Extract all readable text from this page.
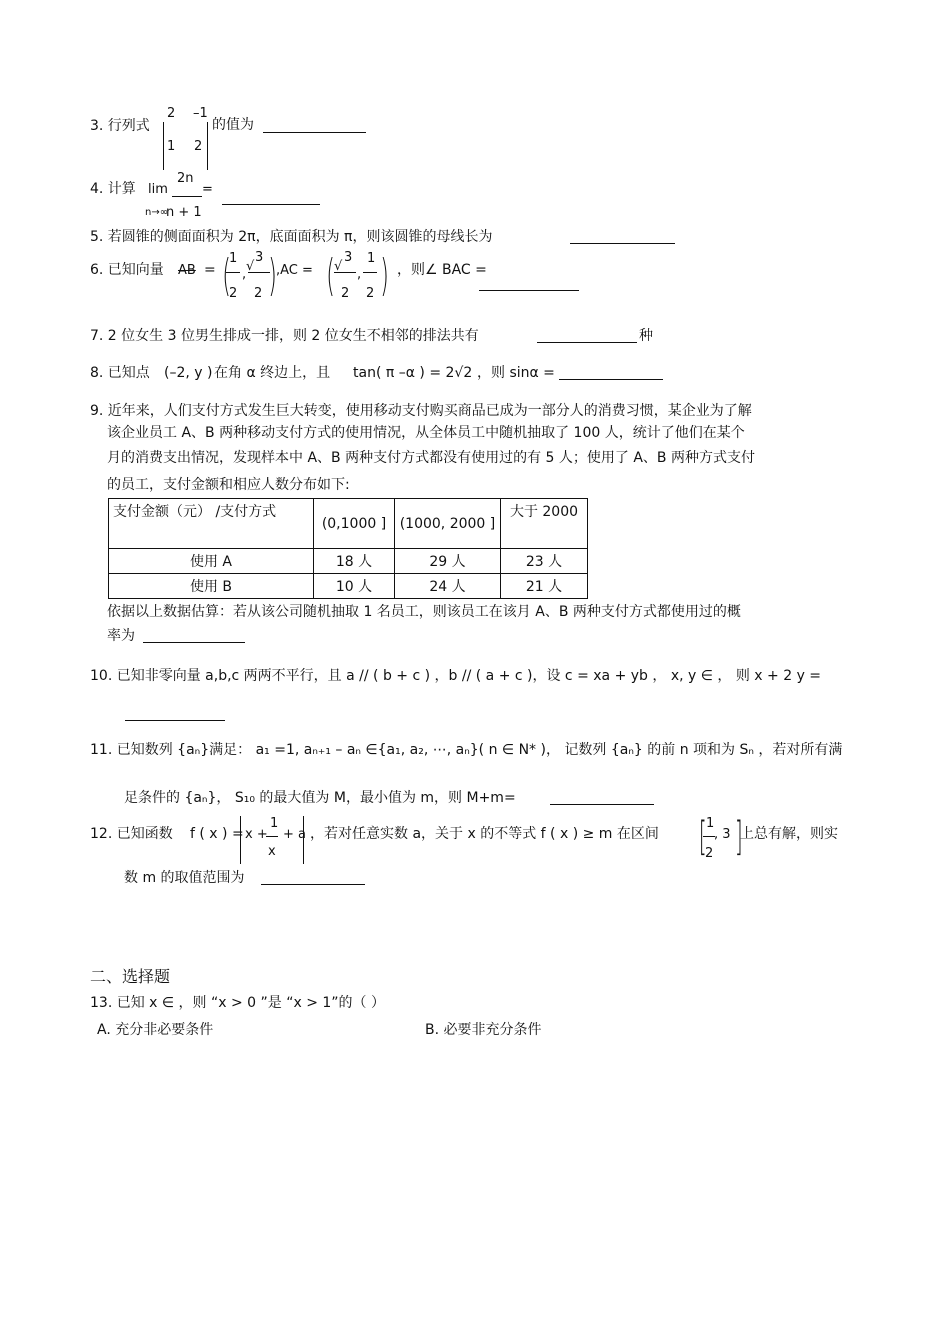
3. 行列式
2 –1
1 2
的值为
4. 计算 lim
2n
=
n→∞
n + 1
5. 若圆锥的侧面面积为 2π，底面面积为 π，则该圆锥的母线长为
6. 已知向量 AB = (
1
2
,
√
3
2 ) ,AC = ( √
3
2
,
1
2 ) ，则∠ BAC =
7. 2 位女生 3 位男生排成一排，则 2 位女生不相邻的排法共有	种
8. 已知点 (–2, y ) 在角 α 终边上，且 tan( π –α ) = 2√2 ，则 sinα =
9. 近年来，人们支付方式发生巨大转变，使用移动支付购买商品已成为一部分人的消费习惯，某企业为了解
该企业员工 A、B 两种移动支付方式的使用情况，从全体员工中随机抽取了 100 人，统计了他们在某个
月的消费支出情况，发现样本中 A、B 两种支付方式都没有使用过的有 5 人；使用了 A、B 两种方式支付
的员工，支付金额和相应人数分布如下:
支付金额（元） /支付方式	(0,1000 ]	(1000, 2000 ]	大于 2000
使用 A	18 人	29 人	23 人
使用 B	10 人	24 人	21 人
依据以上数据估算：若从该公司随机抽取 1 名员工，则该员工在该月 A、B 两种支付方式都使用过的概
率为
10. 已知非零向量 a,b,c 两两不平行，且 a // ( b + c ) ，b // ( a + c )，设 c = xa + yb ， x, y ∈ ， 则 x + 2 y =
11. 已知数列 {aₙ}满足： a₁ =1, aₙ₊₁ – aₙ ∈{a₁, a₂, ⋯, aₙ}( n ∈ N* )， 记数列 {aₙ} 的前 n 项和为 Sₙ ，若对所有满
足条件的 {aₙ}， S₁₀ 的最大值为 M，最小值为 m，则 M+m=
12. 已知函数 f ( x ) = x +
1
x
+ a ，若对任意实数 a，关于 x 的不等式 f ( x ) ≥ m 在区间 [ 1
2
, 3 ]
上总有解，则实
数 m 的取值范围为
二、选择题
13. 已知 x ∈ ，则 “x > 0 ”是 “x > 1”的（ ）
A. 充分非必要条件	B. 必要非充分条件
